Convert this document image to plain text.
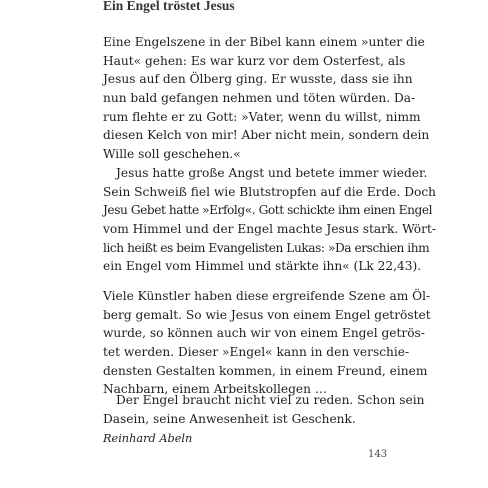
Ein Engel tröstet Jesus
Eine Engelszene in der Bibel kann einem »unter die
Haut« gehen: Es war kurz vor dem Osterfest, als
Jesus auf den Ölberg ging. Er wusste, dass sie ihn
nun bald gefangen nehmen und töten würden. Da-
rum flehte er zu Gott: »Vater, wenn du willst, nimm
diesen Kelch von mir! Aber nicht mein, sondern dein
Wille soll geschehen.«
Jesus hatte große Angst und betete immer wieder.
Sein Schweiß fiel wie Blutstropfen auf die Erde. Doch
Jesu Gebet hatte »Erfolg«. Gott schickte ihm einen Engel
vom Himmel und der Engel machte Jesus stark. Wört-
lich heißt es beim Evangelisten Lukas: »Da erschien ihm
ein Engel vom Himmel und stärkte ihn« (Lk 22,43).
Viele Künstler haben diese ergreifende Szene am Öl-
berg gemalt. So wie Jesus von einem Engel getröstet
wurde, so können auch wir von einem Engel getrös-
tet werden. Dieser »Engel« kann in den verschie-
densten Gestalten kommen, in einem Freund, einem
Nachbarn, einem Arbeitskollegen …
Der Engel braucht nicht viel zu reden. Schon sein
Dasein, seine Anwesenheit ist Geschenk.
Reinhard Abeln
143
